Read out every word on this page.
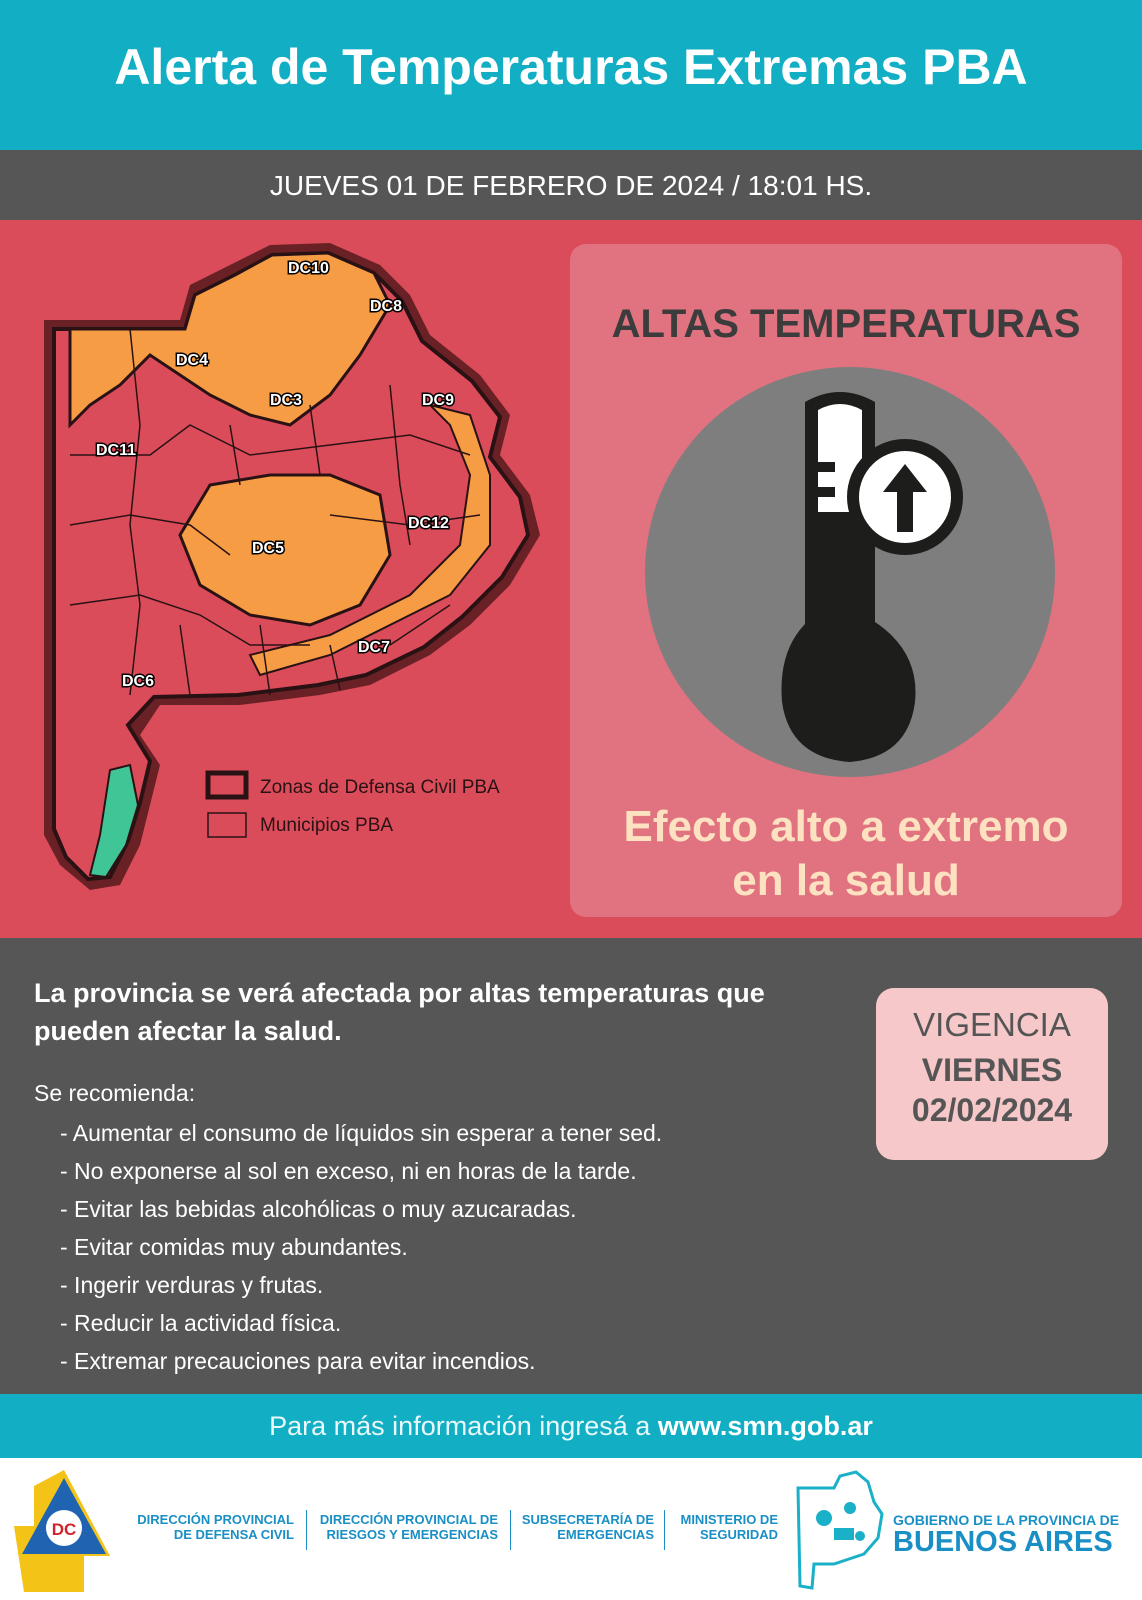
Alerta de Temperaturas Extremas PBA
JUEVES 01 DE FEBRERO DE 2024 / 18:01 HS.
DC10
DC8
DC4
DC3	DC9
DC11
DC12
DC5
DC7
DC6
Zonas de Defensa Civil PBA
Municipios PBA
ALTAS TEMPERATURAS
Efecto alto a extremo
en la salud
La provincia se verá afectada por altas temperaturas que pueden afectar la salud.
Se recomienda:
- Aumentar el consumo de líquidos sin esperar a tener sed.
- No exponerse al sol en exceso, ni en horas de la tarde.
- Evitar las bebidas alcohólicas o muy azucaradas.
- Evitar comidas muy abundantes.
- Ingerir verduras y frutas.
- Reducir la actividad física.
- Extremar precauciones para evitar incendios.
VIGENCIA
VIERNES
02/02/2024
Para más información ingresá a www.smn.gob.ar
DC
DIRECCIÓN PROVINCIAL
DE DEFENSA CIVIL
DIRECCIÓN PROVINCIAL DE
RIESGOS Y EMERGENCIAS
SUBSECRETARÍA DE
EMERGENCIAS
MINISTERIO DE
SEGURIDAD
GOBIERNO DE LA PROVINCIA DE
BUENOS AIRES
